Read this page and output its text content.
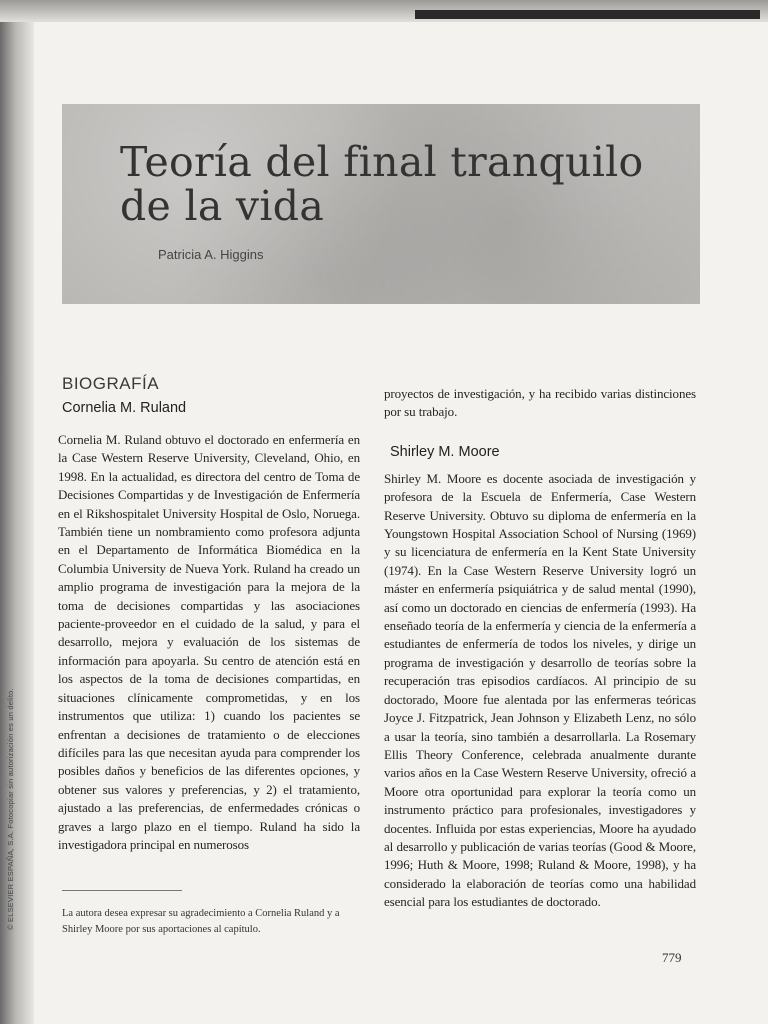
© ELSEVIER ESPAÑA, S.A. Fotocopiar sin autorización es un delito.
Teoría del final tranquilo de la vida
Patricia A. Higgins
BIOGRAFÍA
Cornelia M. Ruland

Cornelia M. Ruland obtuvo el doctorado en enfermería en la Case Western Reserve University, Cleveland, Ohio, en 1998. En la actualidad, es directora del centro de Toma de Decisiones Compartidas y de Investigación de Enfermería en el Rikshospitalet University Hospital de Oslo, Noruega. También tiene un nombramiento como profesora adjunta en el Departamento de Informática Biomédica en la Columbia University de Nueva York. Ruland ha creado un amplio programa de investigación para la mejora de la toma de decisiones compartidas y las asociaciones paciente-proveedor en el cuidado de la salud, y para el desarrollo, mejora y evaluación de los sistemas de información para apoyarla. Su centro de atención está en los aspectos de la toma de decisiones compartidas, en situaciones clínicamente comprometidas, y en los instrumentos que utiliza: 1) cuando los pacientes se enfrentan a decisiones de tratamiento o de elecciones difíciles para las que necesitan ayuda para comprender los posibles daños y beneficios de las diferentes opciones, y obtener sus valores y preferencias, y 2) el tratamiento, ajustado a las preferencias, de enfermedades crónicas o graves a largo plazo en el tiempo. Ruland ha sido la investigadora principal en numerosos

proyectos de investigación, y ha recibido varias distinciones por su trabajo.

Shirley M. Moore

Shirley M. Moore es docente asociada de investigación y profesora de la Escuela de Enfermería, Case Western Reserve University. Obtuvo su diploma de enfermería en la Youngstown Hospital Association School of Nursing (1969) y su licenciatura de enfermería en la Kent State University (1974). En la Case Western Reserve University logró un máster en enfermería psiquiátrica y de salud mental (1990), así como un doctorado en ciencias de enfermería (1993). Ha enseñado teoría de la enfermería y ciencia de la enfermería a estudiantes de enfermería de todos los niveles, y dirige un programa de investigación y desarrollo de teorías sobre la recuperación tras episodios cardíacos. Al principio de su doctorado, Moore fue alentada por las enfermeras teóricas Joyce J. Fitzpatrick, Jean Johnson y Elizabeth Lenz, no sólo a usar la teoría, sino también a desarrollarla. La Rosemary Ellis Theory Conference, celebrada anualmente durante varios años en la Case Western Reserve University, ofreció a Moore otra oportunidad para explorar la teoría como un instrumento práctico para profesionales, investigadores y docentes. Influida por estas experiencias, Moore ha ayudado al desarrollo y publicación de varias teorías (Good & Moore, 1996; Huth & Moore, 1998; Ruland & Moore, 1998), y ha considerado la elaboración de teorías como una habilidad esencial para los estudiantes de doctorado.

La autora desea expresar su agradecimiento a Cornelia Ruland y a Shirley Moore por sus aportaciones al capítulo.

779
